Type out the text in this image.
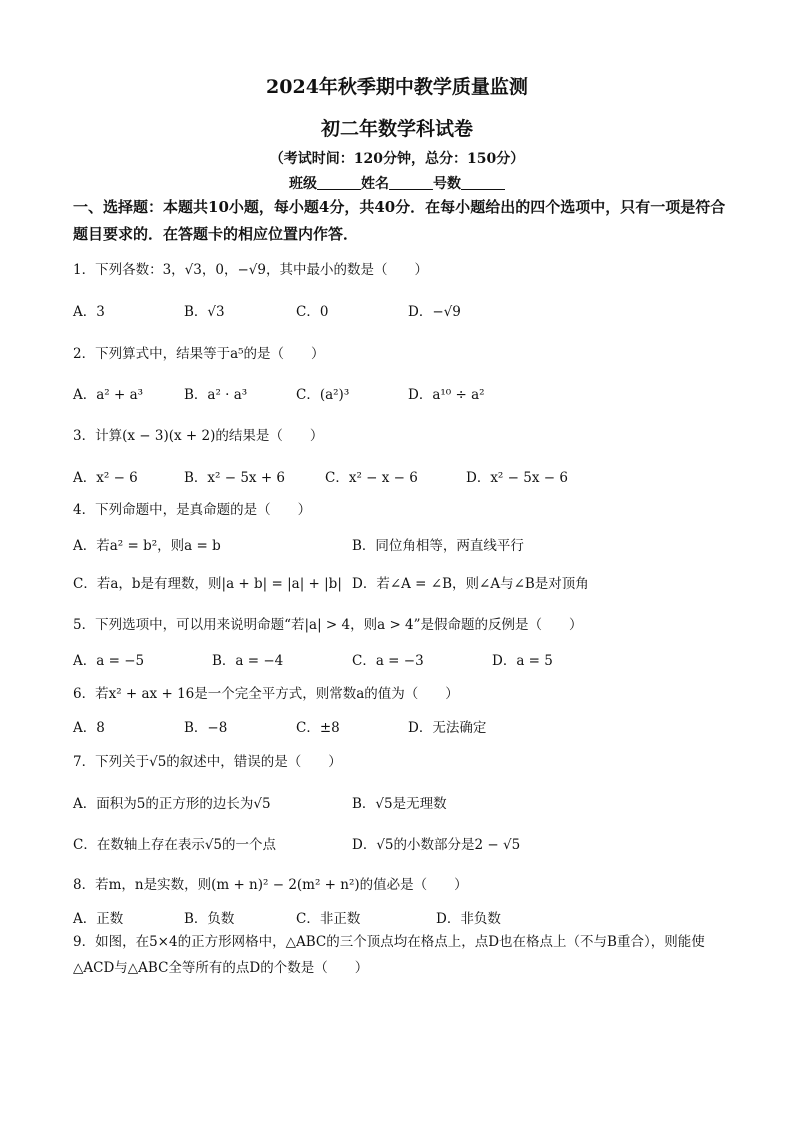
2024年秋季期中教学质量监测
初二年数学科试卷
（考试时间：120分钟，总分：150分）
班级	姓名	号数
一、选择题：本题共10小题，每小题4分，共40分．在每小题给出的四个选项中，只有一项是符合题目要求的．在答题卡的相应位置内作答．
1．下列各数：3，√3，0，−√9，其中最小的数是（　　）
A．3	B．√3	C．0	D．−√9
2．下列算式中，结果等于a⁵的是（　　）
A．a² + a³	B．a² · a³	C．(a²)³	D．a¹⁰ ÷ a²
3．计算(x − 3)(x + 2)的结果是（　　）
A．x² − 6	B．x² − 5x + 6	C．x² − x − 6	D．x² − 5x − 6
4．下列命题中，是真命题的是（　　）
A．若a² = b²，则a = b	B．同位角相等，两直线平行
C．若a，b是有理数，则|a + b| = |a| + |b| D．若∠A = ∠B，则∠A与∠B是对顶角
5．下列选项中，可以用来说明命题“若|a| > 4，则a > 4”是假命题的反例是（　　）
A．a = −5	B．a = −4	C．a = −3	D．a = 5
6．若x² + ax + 16是一个完全平方式，则常数a的值为（　　）
A．8	B．−8	C．±8	D．无法确定
7．下列关于√5的叙述中，错误的是（　　）
A．面积为5的正方形的边长为√5	B．√5是无理数
C．在数轴上存在表示√5的一个点	D．√5的小数部分是2 − √5
8．若m，n是实数，则(m + n)² − 2(m² + n²)的值必是（　　）
A．正数	B．负数	C．非正数	D．非负数
9．如图，在5×4的正方形网格中，△ABC的三个顶点均在格点上，点D也在格点上（不与B重合），则能使△ACD与△ABC全等所有的点D的个数是（　　）
